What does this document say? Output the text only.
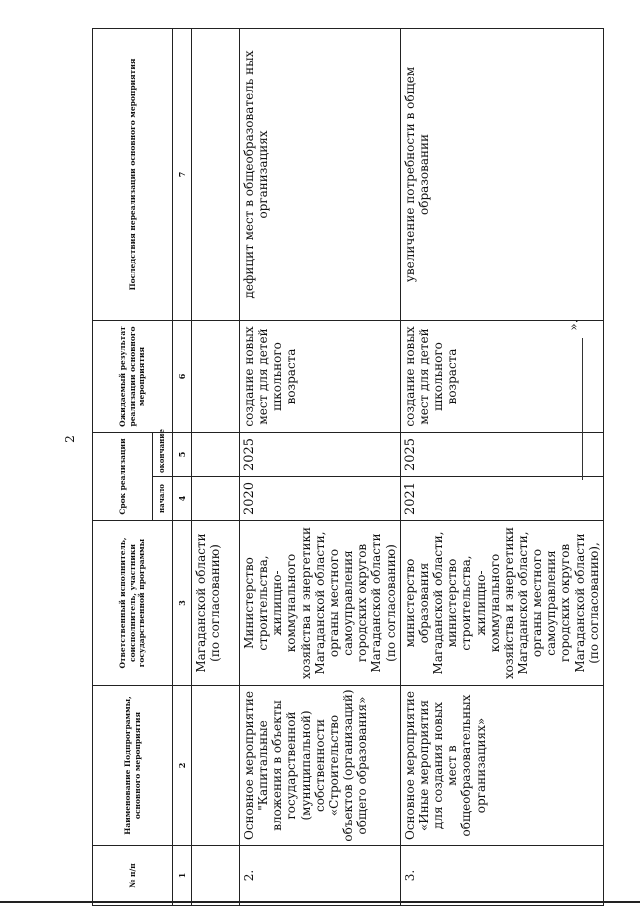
2
№ п/п	Наименование Подпрограммы, основного мероприятия	Ответственный исполнитель, соисполнитель, участники государственной программы	Срок реализации		Ожидаемый результат реализации основного мероприятия	Последствия нереализации основного мероприятия
			начало	окончание		
1	2	3	4	5	6	7
		Магаданской области (по согласованию)				
2.	Основное мероприятие "Капитальные вложения в объекты государственной (муниципальной) собственности «Строительство объектов (организаций) общего образования»	Министерство строительства, жилищно-коммунального хозяйства и энергетики Магаданской области, органы местного самоуправления городских округов Магаданской области (по согласованию)	2020	2025	создание новых мест для детей школьного возраста	дефицит мест в общеобразователь ных организациях
3.	Основное мероприятие «Иные мероприятия для создания новых мест в общеобразовательных организациях»	министерство образования Магаданской области, министерство строительства, жилищно-коммунального хозяйства и энергетики Магаданской области, органы местного самоуправления городских округов Магаданской области (по согласованию),	2021	2025	создание новых мест для детей школьного возраста	увеличение потребности в общем образовании
».
